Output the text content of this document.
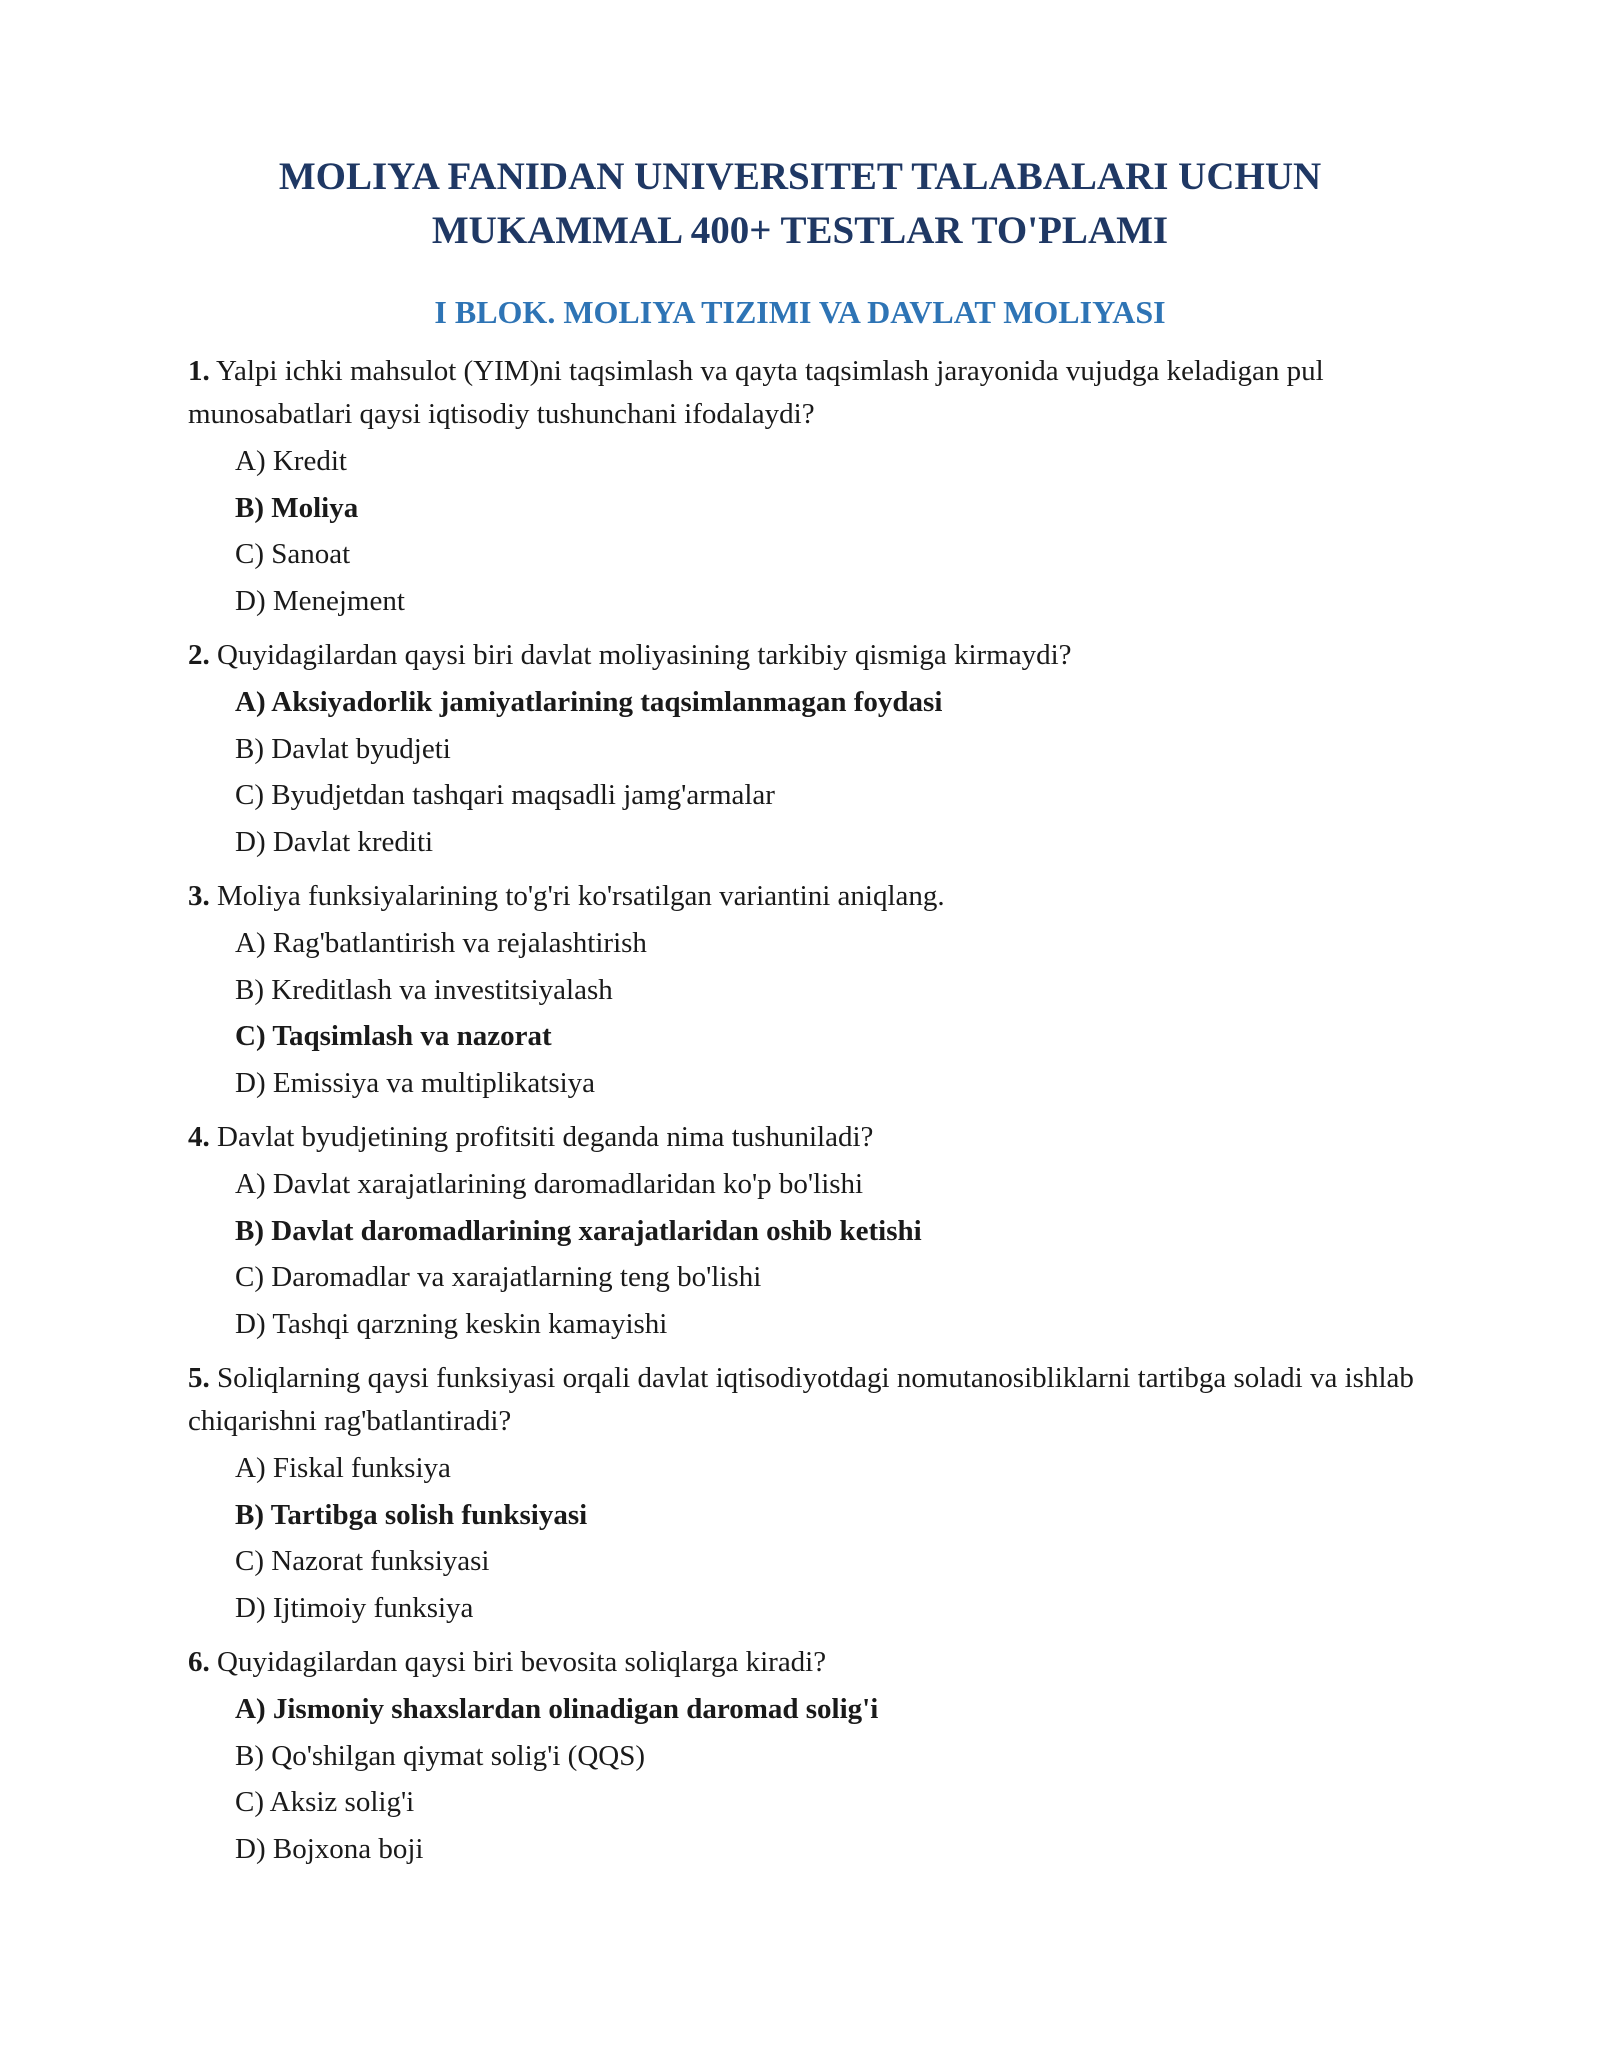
MOLIYA FANIDAN UNIVERSITET TALABALARI UCHUN
MUKAMMAL 400+ TESTLAR TO'PLAMI
I BLOK. MOLIYA TIZIMI VA DAVLAT MOLIYASI

1. Yalpi ichki mahsulot (YIM)ni taqsimlash va qayta taqsimlash jarayonida vujudga keladigan pul munosabatlari qaysi iqtisodiy tushunchani ifodalaydi?

A) Kredit
B) Moliya
C) Sanoat
D) Menejment

2. Quyidagilardan qaysi biri davlat moliyasining tarkibiy qismiga kirmaydi?

A) Aksiyadorlik jamiyatlarining taqsimlanmagan foydasi
B) Davlat byudjeti
C) Byudjetdan tashqari maqsadli jamg'armalar
D) Davlat krediti

3. Moliya funksiyalarining to'g'ri ko'rsatilgan variantini aniqlang.

A) Rag'batlantirish va rejalashtirish
B) Kreditlash va investitsiyalash
C) Taqsimlash va nazorat
D) Emissiya va multiplikatsiya

4. Davlat byudjetining profitsiti deganda nima tushuniladi?

A) Davlat xarajatlarining daromadlaridan ko'p bo'lishi
B) Davlat daromadlarining xarajatlaridan oshib ketishi
C) Daromadlar va xarajatlarning teng bo'lishi
D) Tashqi qarzning keskin kamayishi

5. Soliqlarning qaysi funksiyasi orqali davlat iqtisodiyotdagi nomutanosibliklarni tartibga soladi va ishlab chiqarishni rag'batlantiradi?

A) Fiskal funksiya
B) Tartibga solish funksiyasi
C) Nazorat funksiyasi
D) Ijtimoiy funksiya

6. Quyidagilardan qaysi biri bevosita soliqlarga kiradi?

A) Jismoniy shaxslardan olinadigan daromad solig'i
B) Qo'shilgan qiymat solig'i (QQS)
C) Aksiz solig'i
D) Bojxona boji
